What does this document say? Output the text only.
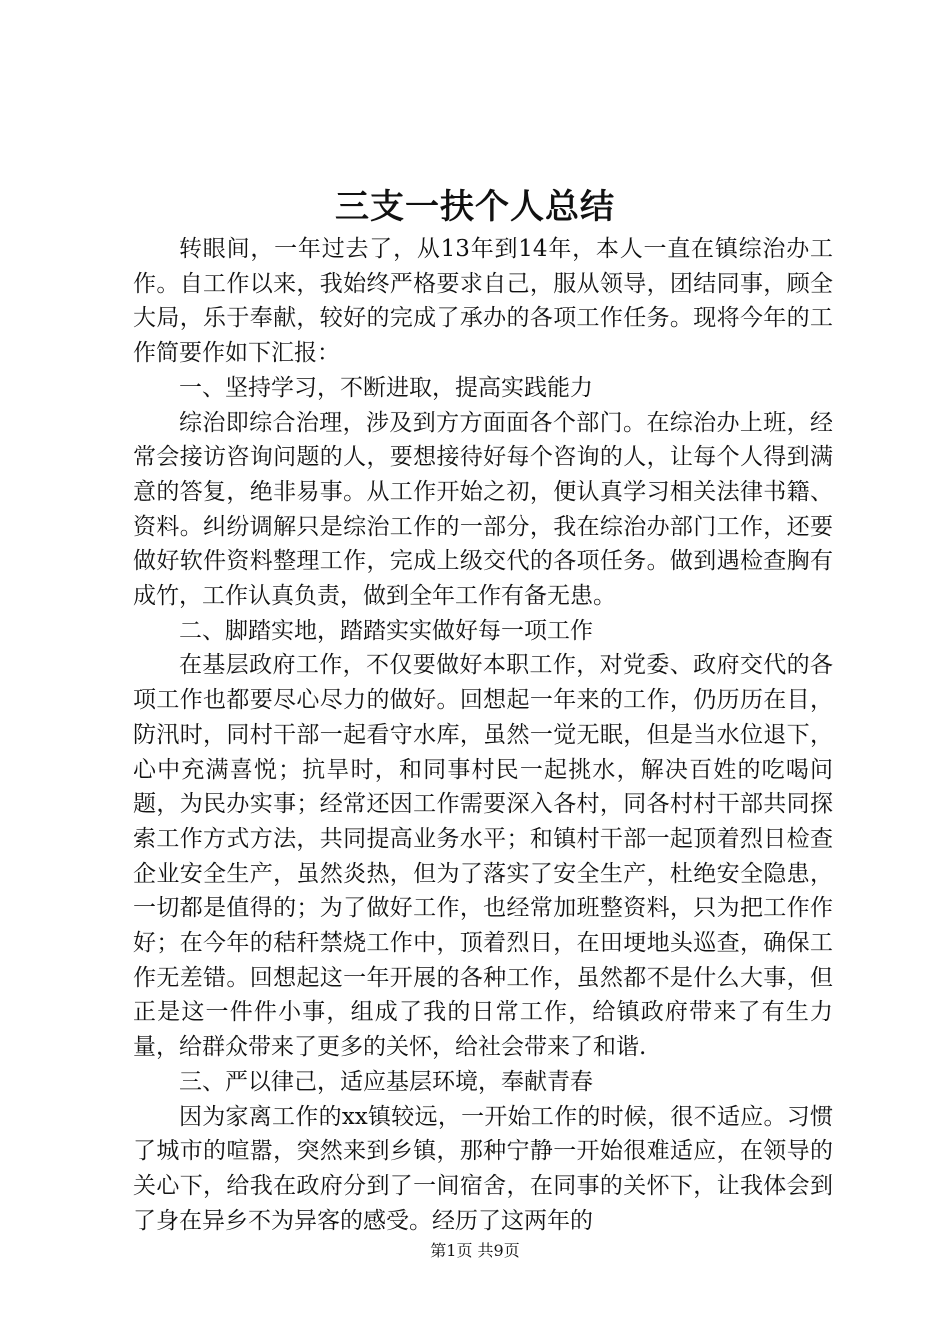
三支一扶个人总结

转眼间，一年过去了，从13年到14年，本人一直在镇综治办工作。自工作以来，我始终严格要求自己，服从领导，团结同事，顾全大局，乐于奉献，较好的完成了承办的各项工作任务。现将今年的工作简要作如下汇报：

一、坚持学习，不断进取，提高实践能力

综治即综合治理，涉及到方方面面各个部门。在综治办上班，经常会接访咨询问题的人，要想接待好每个咨询的人，让每个人得到满意的答复，绝非易事。从工作开始之初，便认真学习相关法律书籍、资料。纠纷调解只是综治工作的一部分，我在综治办部门工作，还要做好软件资料整理工作，完成上级交代的各项任务。做到遇检查胸有成竹，工作认真负责，做到全年工作有备无患。

二、脚踏实地，踏踏实实做好每一项工作

在基层政府工作，不仅要做好本职工作，对党委、政府交代的各项工作也都要尽心尽力的做好。回想起一年来的工作，仍历历在目，防汛时，同村干部一起看守水库，虽然一觉无眠，但是当水位退下，心中充满喜悦；抗旱时，和同事村民一起挑水，解决百姓的吃喝问题，为民办实事；经常还因工作需要深入各村，同各村村干部共同探索工作方式方法，共同提高业务水平；和镇村干部一起顶着烈日检查企业安全生产，虽然炎热，但为了落实了安全生产，杜绝安全隐患，一切都是值得的；为了做好工作，也经常加班整资料，只为把工作作好；在今年的秸秆禁烧工作中，顶着烈日，在田埂地头巡查，确保工作无差错。回想起这一年开展的各种工作，虽然都不是什么大事，但正是这一件件小事，组成了我的日常工作，给镇政府带来了有生力量，给群众带来了更多的关怀，给社会带来了和谐.

三、严以律己，适应基层环境，奉献青春

因为家离工作的xx镇较远，一开始工作的时候，很不适应。习惯了城市的喧嚣，突然来到乡镇，那种宁静一开始很难适应，在领导的关心下，给我在政府分到了一间宿舍，在同事的关怀下，让我体会到了身在异乡不为异客的感受。经历了这两年的

第1页 共9页
